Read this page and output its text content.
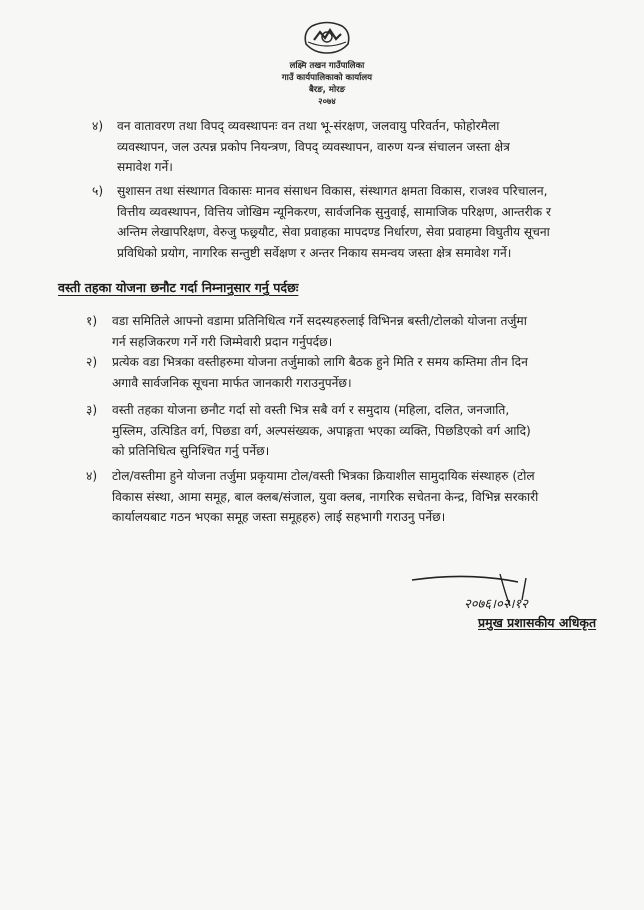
लक्ष्मि तखन गाउँपालिका
गाउँ कार्यपालिकाको कार्यालय
बैरङ, मोरङ
२०७४
४) वन वातावरण तथा विपद् व्यवस्थापनः वन तथा भू-संरक्षण, जलवायु परिवर्तन, फोहोरमैला
व्यवस्थापन, जल उत्पन्न प्रकोप नियन्त्रण, विपद् व्यवस्थापन, वारुण यन्त्र संचालन जस्ता क्षेत्र
समावेश गर्ने।
५) सुशासन तथा संस्थागत विकासः मानव संसाधन विकास, संस्थागत क्षमता विकास, राजश्व परिचालन,
वित्तीय व्यवस्थापन, वित्तिय जोखिम न्यूनिकरण, सार्वजनिक सुनुवाई, सामाजिक परिक्षण, आन्तरीक र
अन्तिम लेखापरिक्षण, वेरुजु फछ्र्यौट, सेवा प्रवाहका मापदण्ड निर्धारण, सेवा प्रवाहमा विघुतीय सूचना
प्रविधिको प्रयोग, नागरिक सन्तुष्टी सर्वेक्षण र अन्तर निकाय समन्वय जस्ता क्षेत्र समावेश गर्ने।
वस्ती तहका योजना छनौट गर्दा निम्नानुसार गर्नु पर्दछः
१) वडा समितिले आफ्नो वडामा प्रतिनिधित्व गर्ने सदस्यहरुलाई विभिनन्न बस्ती/टोलको योजना तर्जुमा
गर्न सहजिकरण गर्ने गरी जिम्मेवारी प्रदान गर्नुपर्दछ।
२) प्रत्येक वडा भित्रका वस्तीहरुमा योजना तर्जुमाको लागि बैठक हुने मिति र समय कम्तिमा तीन दिन
अगावै सार्वजनिक सूचना मार्फत जानकारी गराउनुपर्नेछ।
३) वस्ती तहका योजना छनौट गर्दा सो वस्ती भित्र सबै वर्ग र समुदाय (महिला, दलित, जनजाति,
मुस्लिम, उत्पिडित वर्ग, पिछडा वर्ग, अल्पसंख्यक, अपाङ्गता भएका व्यक्ति, पिछडिएको वर्ग आदि)
को प्रतिनिधित्व सुनिश्चित गर्नु पर्नेछ।
४) टोल/वस्तीमा हुने योजना तर्जुमा प्रकृयामा टोल/वस्ती भित्रका क्रियाशील सामुदायिक संस्थाहरु (टोल
विकास संस्था, आमा समूह, बाल क्लब/संजाल, युवा क्लब, नागरिक सचेतना केन्द्र, विभिन्न सरकारी
कार्यालयबाट गठन भएका समूह जस्ता समूहहरु) लाई सहभागी गराउनु पर्नेछ।
२०७६।०२।१२
प्रमुख प्रशासकीय अधिकृत
